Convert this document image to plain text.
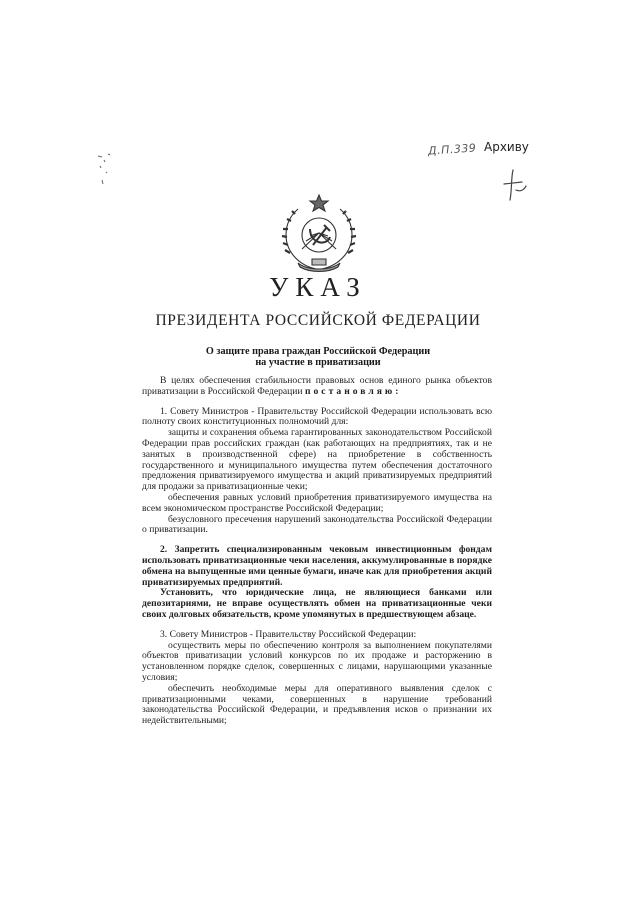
Д.П.339 Архиву
УКАЗ
ПРЕЗИДЕНТА РОССИЙСКОЙ ФЕДЕРАЦИИ
О защите права граждан Российской Федерации
на участие в приватизации

В целях обеспечения стабильности правовых основ единого рынка объектов приватизации в Российской Федерации постановляю:

1. Совету Министров - Правительству Российской Федерации использовать всю полноту своих конституционных полномочий для:

защиты и сохранения объема гарантированных законодательством Российской Федерации прав российских граждан (как работающих на предприятиях, так и не занятых в производственной сфере) на приобретение в собственность государственного и муниципального имущества путем обеспечения достаточного предложения приватизируемого имущества и акций приватизируемых предприятий для продажи за приватизационные чеки;

обеспечения равных условий приобретения приватизируемого имущества на всем экономическом пространстве Российской Федерации;

безусловного пресечения нарушений законодательства Российской Федерации о приватизации.

2. Запретить специализированным чековым инвестиционным фондам использовать приватизационные чеки населения, аккумулированные в порядке обмена на выпущенные ими ценные бумаги, иначе как для приобретения акций приватизируемых предприятий.

Установить, что юридические лица, не являющиеся банками или депозитариями, не вправе осуществлять обмен на приватизационные чеки своих долговых обязательств, кроме упомянутых в предшествующем абзаце.

3. Совету Министров - Правительству Российской Федерации:

осуществить меры по обеспечению контроля за выполнением покупателями объектов приватизации условий конкурсов по их продаже и расторжению в установленном порядке сделок, совершенных с лицами, нарушающими указанные условия;

обеспечить необходимые меры для оперативного выявления сделок с приватизационными чеками, совершенных в нарушение требований законодательства Российской Федерации, и предъявления исков о признании их недействительными;
